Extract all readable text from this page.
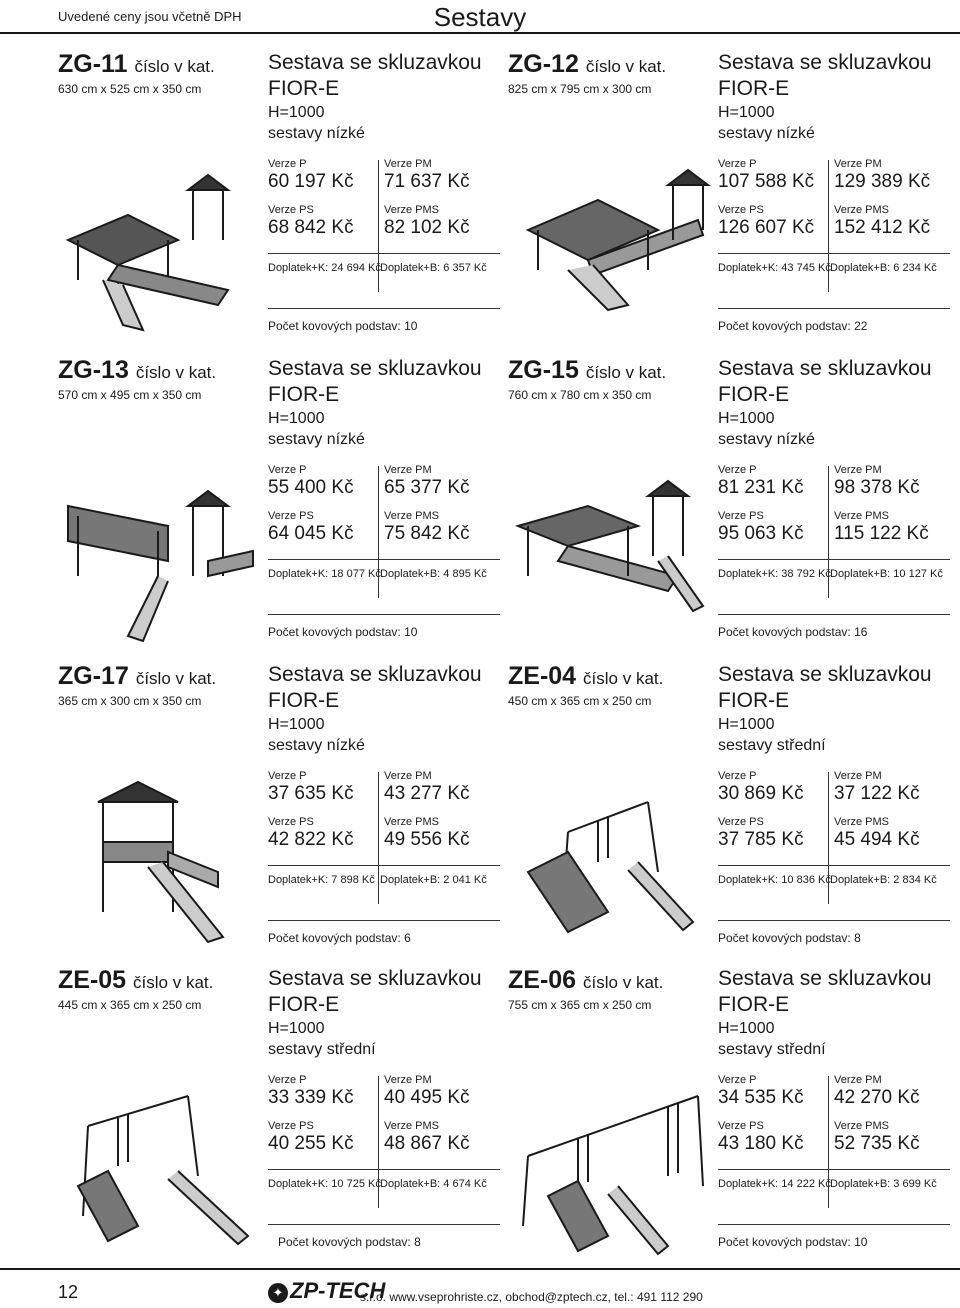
Uvedené ceny jsou včetně DPH	Sestavy
ZG-11 číslo v kat.
630 cm x 525 cm x 350 cm
Sestava se skluzavkou
FIOR-E
H=1000
sestavy nízké
Verze P
60 197 Kč
Verze PM
71 637 Kč
Verze PS
68 842 Kč
Verze PMS
82 102 Kč
Doplatek+K: 24 694 Kč Doplatek+B: 6 357 Kč
Počet kovových podstav: 10
ZG-12 číslo v kat.
825 cm x 795 cm x 300 cm
Sestava se skluzavkou
FIOR-E
H=1000
sestavy nízké
Verze P
107 588 Kč
Verze PM
129 389 Kč
Verze PS
126 607 Kč
Verze PMS
152 412 Kč
Doplatek+K: 43 745 Kč Doplatek+B: 6 234 Kč
Počet kovových podstav: 22
ZG-13 číslo v kat.
570 cm x 495 cm x 350 cm
Sestava se skluzavkou
FIOR-E
H=1000
sestavy nízké
Verze P
55 400 Kč
Verze PM
65 377 Kč
Verze PS
64 045 Kč
Verze PMS
75 842 Kč
Doplatek+K: 18 077 Kč Doplatek+B: 4 895 Kč
Počet kovových podstav: 10
ZG-15 číslo v kat.
760 cm x 780 cm x 350 cm
Sestava se skluzavkou
FIOR-E
H=1000
sestavy nízké
Verze P
81 231 Kč
Verze PM
98 378 Kč
Verze PS
95 063 Kč
Verze PMS
115 122 Kč
Doplatek+K: 38 792 Kč Doplatek+B: 10 127 Kč
Počet kovových podstav: 16
ZG-17 číslo v kat.
365 cm x 300 cm x 350 cm
Sestava se skluzavkou
FIOR-E
H=1000
sestavy nízké
Verze P
37 635 Kč
Verze PM
43 277 Kč
Verze PS
42 822 Kč
Verze PMS
49 556 Kč
Doplatek+K: 7 898 Kč Doplatek+B: 2 041 Kč
Počet kovových podstav: 6
ZE-04 číslo v kat.
450 cm x 365 cm x 250 cm
Sestava se skluzavkou
FIOR-E
H=1000
sestavy střední
Verze P
30 869 Kč
Verze PM
37 122 Kč
Verze PS
37 785 Kč
Verze PMS
45 494 Kč
Doplatek+K: 10 836 Kč Doplatek+B: 2 834 Kč
Počet kovových podstav: 8
ZE-05 číslo v kat.
445 cm x 365 cm x 250 cm
Sestava se skluzavkou
FIOR-E
H=1000
sestavy střední
Verze P
33 339 Kč
Verze PM
40 495 Kč
Verze PS
40 255 Kč
Verze PMS
48 867 Kč
Doplatek+K: 10 725 Kč Doplatek+B: 4 674 Kč
Počet kovových podstav: 8
ZE-06 číslo v kat.
755 cm x 365 cm x 250 cm
Sestava se skluzavkou
FIOR-E
H=1000
sestavy střední
Verze P
34 535 Kč
Verze PM
42 270 Kč
Verze PS
43 180 Kč
Verze PMS
52 735 Kč
Doplatek+K: 14 222 Kč Doplatek+B: 3 699 Kč
Počet kovových podstav: 10
12	✦ ZP-TECH
s.r.o. www.vseprohriste.cz, obchod@zptech.cz, tel.: 491 112 290
